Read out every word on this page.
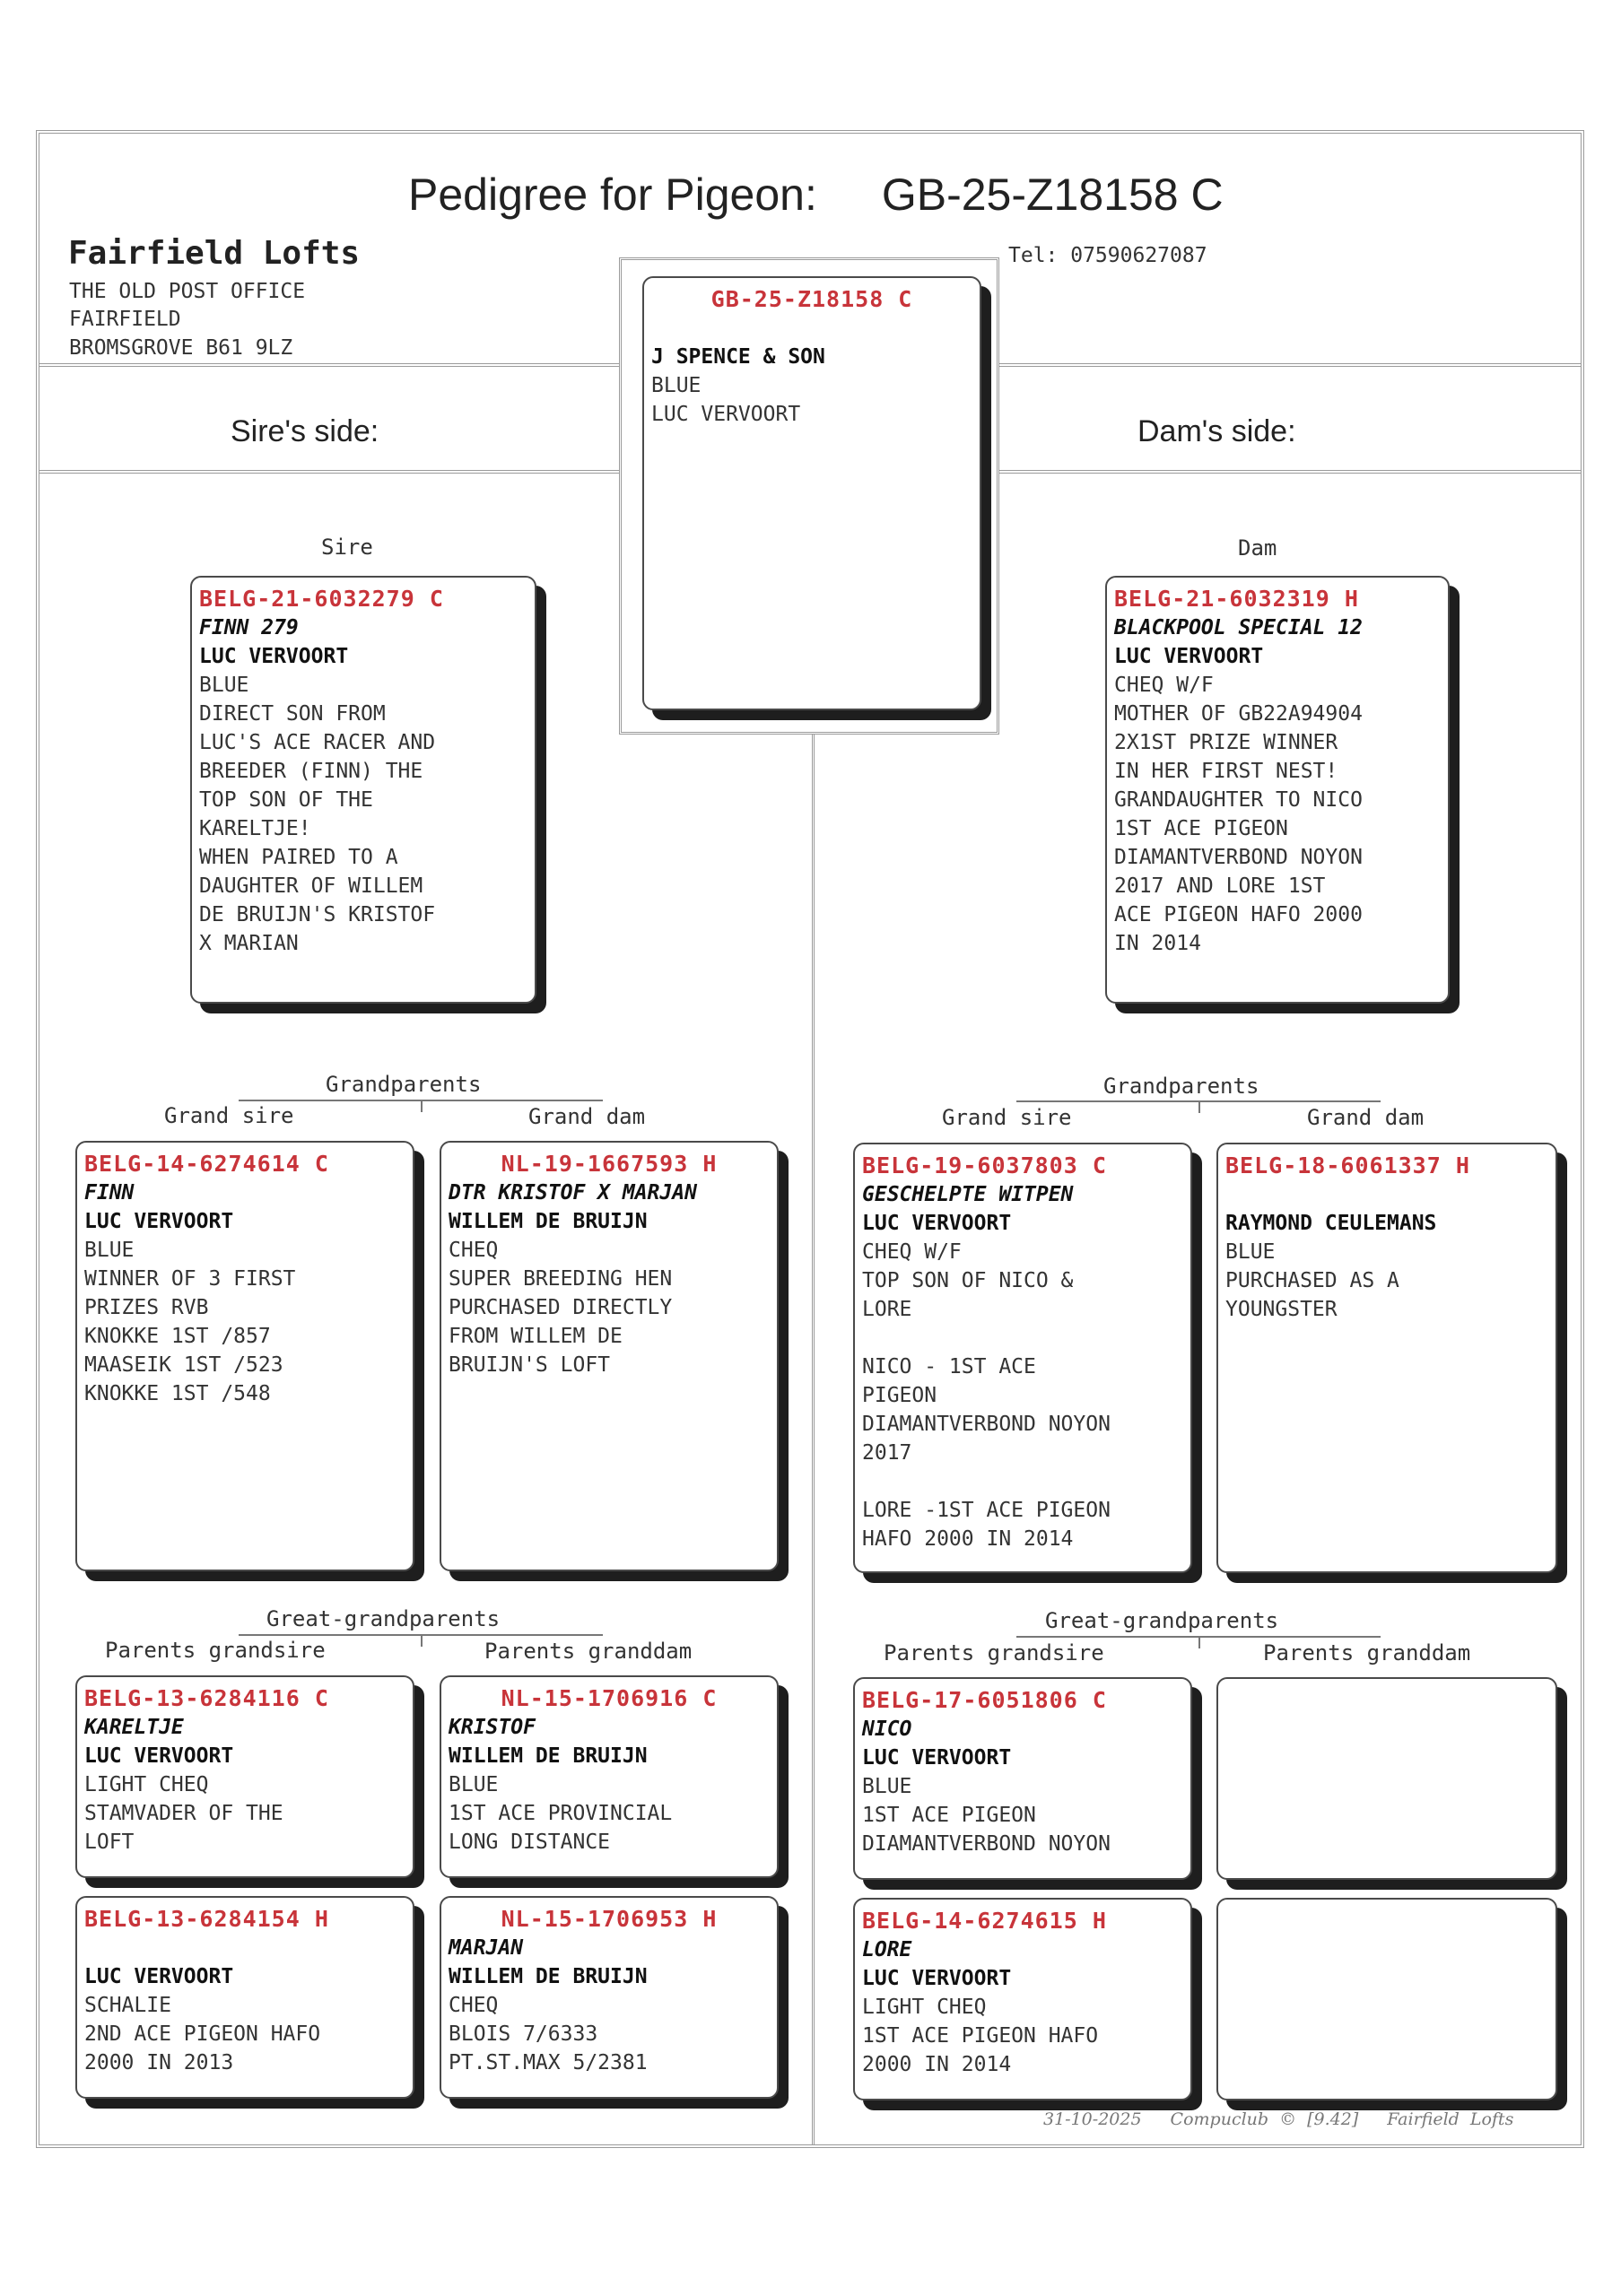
Pedigree for Pigeon: GB-25-Z18158 C
Fairfield Lofts
THE OLD POST OFFICE
FAIRFIELD
BROMSGROVE B61 9LZ
Tel: 07590627087
Sire's side:	Dam's side:
GB-25-Z18158 C
J SPENCE & SON
BLUE
LUC VERVOORT
Sire	Dam
BELG-21-6032279 C
FINN 279
LUC VERVOORT
BLUE
DIRECT SON FROM
LUC'S ACE RACER AND
BREEDER (FINN) THE
TOP SON OF THE
KARELTJE!
WHEN PAIRED TO A
DAUGHTER OF WILLEM
DE BRUIJN'S KRISTOF
X MARIAN
BELG-21-6032319 H
BLACKPOOL SPECIAL 12
LUC VERVOORT
CHEQ W/F
MOTHER OF GB22A94904
2X1ST PRIZE WINNER
IN HER FIRST NEST!
GRANDAUGHTER TO NICO
1ST ACE PIGEON
DIAMANTVERBOND NOYON
2017 AND LORE 1ST
ACE PIGEON HAFO 2000
IN 2014
Grandparents
Grand sire	Grand dam
Grandparents
Grand sire	Grand dam
BELG-14-6274614 C
FINN
LUC VERVOORT
BLUE
WINNER OF 3 FIRST
PRIZES RVB
KNOKKE 1ST /857
MAASEIK 1ST /523
KNOKKE 1ST /548
NL-19-1667593 H
DTR KRISTOF X MARJAN
WILLEM DE BRUIJN
CHEQ
SUPER BREEDING HEN
PURCHASED DIRECTLY
FROM WILLEM DE
BRUIJN'S LOFT
BELG-19-6037803 C
GESCHELPTE WITPEN
LUC VERVOORT
CHEQ W/F
TOP SON OF NICO &
LORE
NICO - 1ST ACE
PIGEON
DIAMANTVERBOND NOYON
2017
LORE -1ST ACE PIGEON
HAFO 2000 IN 2014
BELG-18-6061337 H
RAYMOND CEULEMANS
BLUE
PURCHASED AS A
YOUNGSTER
Great-grandparents
Parents grandsire	Parents granddam
Great-grandparents
Parents grandsire	Parents granddam
BELG-13-6284116 C
KARELTJE
LUC VERVOORT
LIGHT CHEQ
STAMVADER OF THE
LOFT
NL-15-1706916 C
KRISTOF
WILLEM DE BRUIJN
BLUE
1ST ACE PROVINCIAL
LONG DISTANCE
BELG-17-6051806 C
NICO
LUC VERVOORT
BLUE
1ST ACE PIGEON
DIAMANTVERBOND NOYON
BELG-13-6284154 H
LUC VERVOORT
SCHALIE
2ND ACE PIGEON HAFO
2000 IN 2013
NL-15-1706953 H
MARJAN
WILLEM DE BRUIJN
CHEQ
BLOIS 7/6333
PT.ST.MAX 5/2381
BELG-14-6274615 H
LORE
LUC VERVOORT
LIGHT CHEQ
1ST ACE PIGEON HAFO
2000 IN 2014
31-10-2025 Compuclub © [9.42] Fairfield Lofts
